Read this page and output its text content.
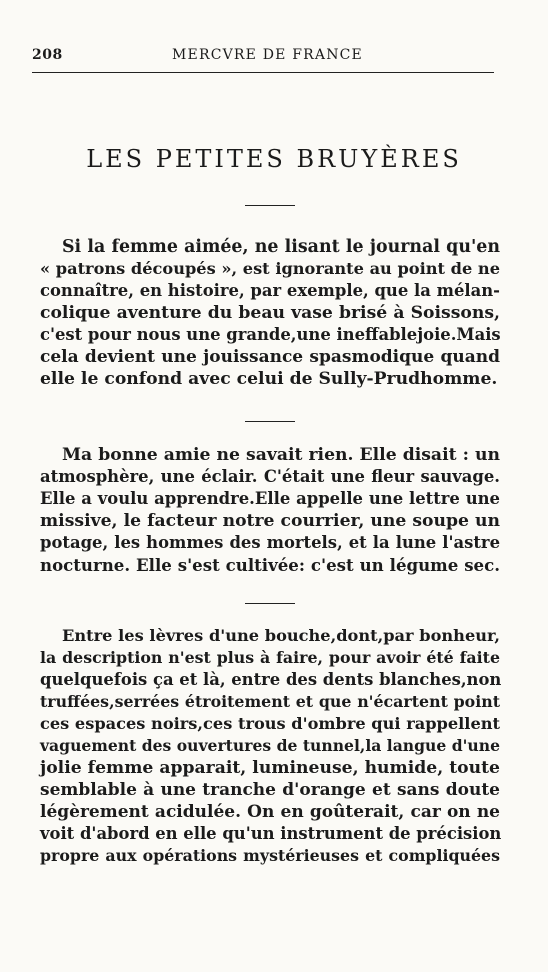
208	MERCVRE DE FRANCE
LES PETITES BRUYÈRES
Si la femme aimée, ne lisant le journal qu'en
« patrons découpés », est ignorante au point de ne
connaître, en histoire, par exemple, que la mélan-
colique aventure du beau vase brisé à Soissons,
c'est pour nous une grande,une ineffablejoie.Mais
cela devient une jouissance spasmodique quand
elle le confond avec celui de Sully-Prudhomme.
Ma bonne amie ne savait rien. Elle disait : un
atmosphère, une éclair. C'était une fleur sauvage.
Elle a voulu apprendre.Elle appelle une lettre une
missive, le facteur notre courrier, une soupe un
potage, les hommes des mortels, et la lune l'astre
nocturne. Elle s'est cultivée: c'est un légume sec.
Entre les lèvres d'une bouche,dont,par bonheur,
la description n'est plus à faire, pour avoir été faite
quelquefois ça et là, entre des dents blanches,non
truffées,serrées étroitement et que n'écartent point
ces espaces noirs,ces trous d'ombre qui rappellent
vaguement des ouvertures de tunnel,la langue d'une
jolie femme apparait, lumineuse, humide, toute
semblable à une tranche d'orange et sans doute
légèrement acidulée. On en goûterait, car on ne
voit d'abord en elle qu'un instrument de précision
propre aux opérations mystérieuses et compliquées
